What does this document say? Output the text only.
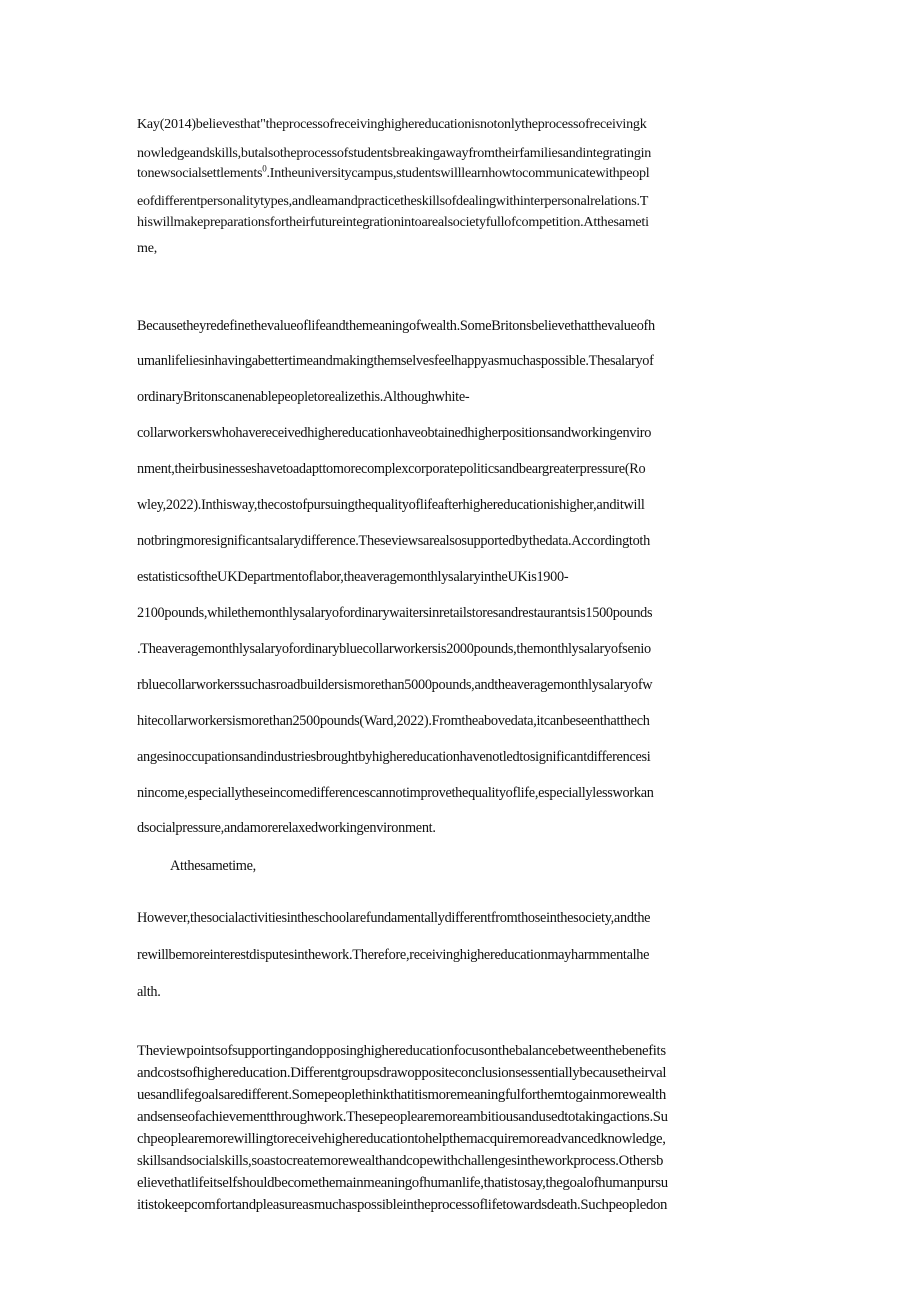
Kay(2014)believesthat"theprocessofreceivinghighereducationisnotonlytheprocessofreceivingk

nowledgeandskills,butalsotheprocessofstudentsbreakingawayfromtheirfamiliesandintegratingin

tonewsocialsettlements$^0$.Intheuniversitycampus,studentswilllearnhowtocommunicatewithpeopl

eofdifferentpersonalitytypes,andleamandpracticetheskillsofdealingwithinterpersonalrelations.T

hiswillmakepreparationsfortheirfutureintegrationintoarealsocietyfullofcompetition.Atthesameti

me,

Becausetheyredefinethevalueoflifeandthemeaningofwealth.SomeBritonsbelievethatthevalueofh

umanlifeliesinhavingabettertimeandmakingthemselvesfeelhappyasmuchaspossible.Thesalaryof

ordinaryBritonscanenablepeopletorealizethis.Althoughwhite-

collarworkerswhohavereceivedhighereducationhaveobtainedhigherpositionsandworkingenviro

nment,theirbusinesseshavetoadapttomorecomplexcorporatepoliticsandbeargreaterpressure(Ro

wley,2022).Inthisway,thecostofpursuingthequalityoflifeafterhighereducationishigher,anditwill

notbringmoresignificantsalarydifference.Theseviewsarealsosupportedbythedata.Accordingtoth

estatisticsoftheUKDepartmentoflabor,theaveragemonthlysalaryintheUKis1900-

2100pounds,whilethemonthlysalaryofordinarywaitersinretailstoresandrestaurantsis1500pounds

.Theaveragemonthlysalaryofordinarybluecollarworkersis2000pounds,themonthlysalaryofsenio

rbluecollarworkerssuchasroadbuildersismorethan5000pounds,andtheaveragemonthlysalaryofw

hitecollarworkersismorethan2500pounds(Ward,2022).Fromtheabovedata,itcanbeseenthatthech

angesinoccupationsandindustriesbroughtbyhighereducationhavenotledtosignificantdifferencesi

nincome,especiallytheseincomedifferencescannotimprovethequalityoflife,especiallylessworkan

dsocialpressure,andamorerelaxedworkingenvironment.

Atthesametime,

However,thesocialactivitiesintheschoolarefundamentallydifferentfromthoseinthesociety,andthe

rewillbemoreinterestdisputesinthework.Therefore,receivinghighereducationmayharmmentalhe

alth.

Theviewpointsofsupportingandopposinghighereducationfocusonthebalancebetweenthebenefits

andcostsofhighereducation.Differentgroupsdrawoppositeconclusionsessentiallybecausetheirval

uesandlifegoalsaredifferent.Somepeoplethinkthatitismoremeaningfulforthemtogainmorewealth

andsenseofachievementthroughwork.Thesepeoplearemoreambitiousandusedtotakingactions.Su

chpeoplearemorewillingtoreceivehighereducationtohelpthemacquiremoreadvancedknowledge,

skillsandsocialskills,soastocreatemorewealthandcopewithchallengesintheworkprocess.Othersb

elievethatlifeitselfshouldbecomethemainmeaningofhumanlife,thatistosay,thegoalofhumanpursu

itistokeepcomfortandpleasureasmuchaspossibleintheprocessoflifetowardsdeath.Suchpeopledon
